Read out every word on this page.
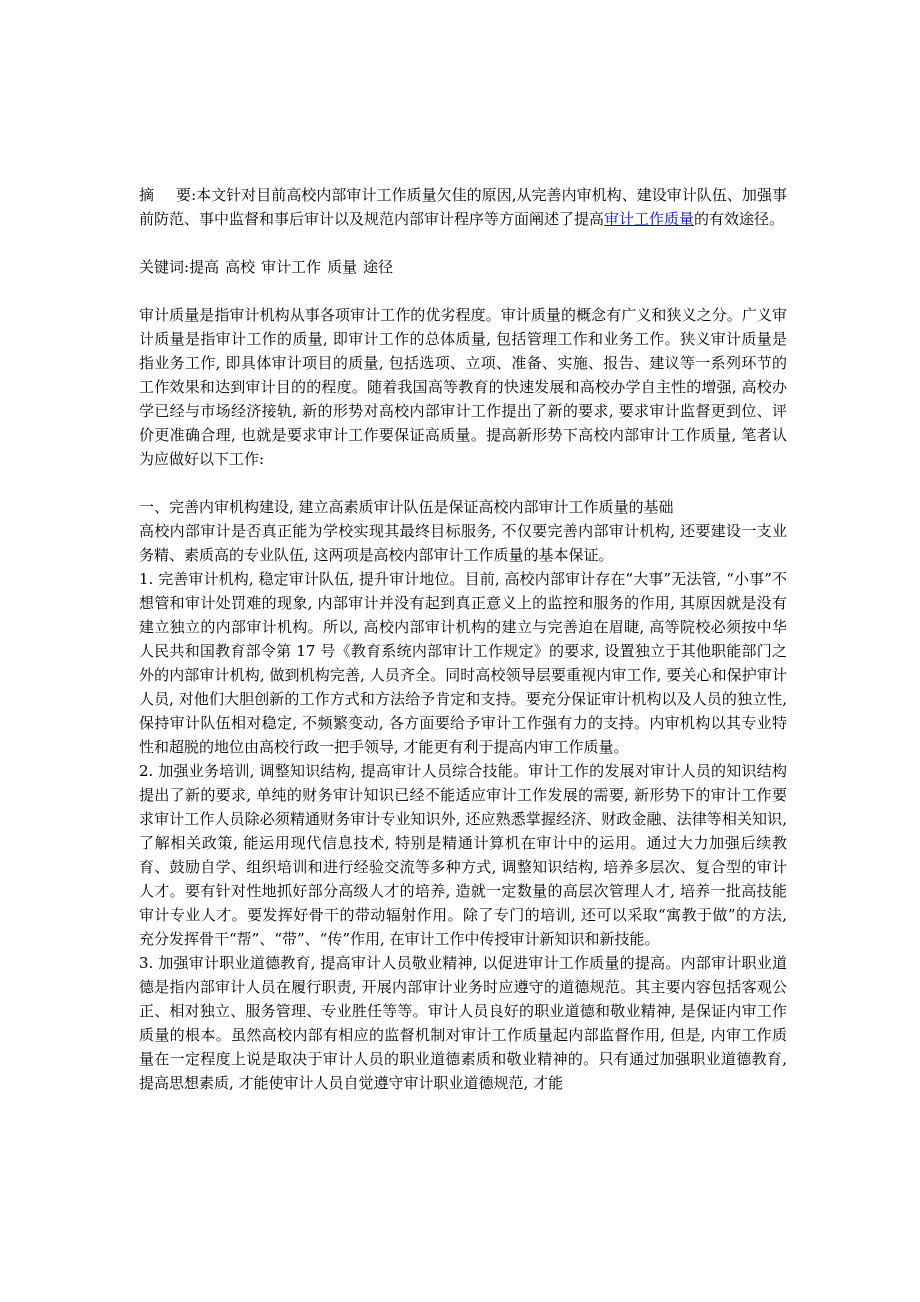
摘 要:本文针对目前高校内部审计工作质量欠佳的原因,从完善内审机构、建设审计队伍、加强事前防范、事中监督和事后审计以及规范内部审计程序等方面阐述了提高审计工作质量的有效途径。

关键词:提高 高校 审计工作 质量 途径

审计质量是指审计机构从事各项审计工作的优劣程度。审计质量的概念有广义和狭义之分。广义审计质量是指审计工作的质量, 即审计工作的总体质量, 包括管理工作和业务工作。狭义审计质量是指业务工作, 即具体审计项目的质量, 包括选项、立项、准备、实施、报告、建议等一系列环节的工作效果和达到审计目的的程度。随着我国高等教育的快速发展和高校办学自主性的增强, 高校办学已经与市场经济接轨, 新的形势对高校内部审计工作提出了新的要求, 要求审计监督更到位、评价更准确合理, 也就是要求审计工作要保证高质量。提高新形势下高校内部审计工作质量, 笔者认为应做好以下工作:

一、完善内审机构建设, 建立高素质审计队伍是保证高校内部审计工作质量的基础

高校内部审计是否真正能为学校实现其最终目标服务, 不仅要完善内部审计机构, 还要建设一支业务精、素质高的专业队伍, 这两项是高校内部审计工作质量的基本保证。

1. 完善审计机构, 稳定审计队伍, 提升审计地位。目前, 高校内部审计存在“大事”无法管, “小事”不想管和审计处罚难的现象, 内部审计并没有起到真正意义上的监控和服务的作用, 其原因就是没有建立独立的内部审计机构。所以, 高校内部审计机构的建立与完善迫在眉睫, 高等院校必须按中华人民共和国教育部令第 17 号《教育系统内部审计工作规定》的要求, 设置独立于其他职能部门之外的内部审计机构, 做到机构完善, 人员齐全。同时高校领导层要重视内审工作, 要关心和保护审计人员, 对他们大胆创新的工作方式和方法给予肯定和支持。要充分保证审计机构以及人员的独立性, 保持审计队伍相对稳定, 不频繁变动, 各方面要给予审计工作强有力的支持。内审机构以其专业特性和超脱的地位由高校行政一把手领导, 才能更有利于提高内审工作质量。

2. 加强业务培训, 调整知识结构, 提高审计人员综合技能。审计工作的发展对审计人员的知识结构提出了新的要求, 单纯的财务审计知识已经不能适应审计工作发展的需要, 新形势下的审计工作要求审计工作人员除必须精通财务审计专业知识外, 还应熟悉掌握经济、财政金融、法律等相关知识, 了解相关政策, 能运用现代信息技术, 特别是精通计算机在审计中的运用。通过大力加强后续教育、鼓励自学、组织培训和进行经验交流等多种方式, 调整知识结构, 培养多层次、复合型的审计人才。要有针对性地抓好部分高级人才的培养, 造就一定数量的高层次管理人才, 培养一批高技能审计专业人才。要发挥好骨干的带动辐射作用。除了专门的培训, 还可以采取“寓教于做”的方法, 充分发挥骨干“帮”、“带”、“传”作用, 在审计工作中传授审计新知识和新技能。

3. 加强审计职业道德教育, 提高审计人员敬业精神, 以促进审计工作质量的提高。内部审计职业道德是指内部审计人员在履行职责, 开展内部审计业务时应遵守的道德规范。其主要内容包括客观公正、相对独立、服务管理、专业胜任等等。审计人员良好的职业道德和敬业精神, 是保证内审工作质量的根本。虽然高校内部有相应的监督机制对审计工作质量起内部监督作用, 但是, 内审工作质量在一定程度上说是取决于审计人员的职业道德素质和敬业精神的。只有通过加强职业道德教育, 提高思想素质, 才能使审计人员自觉遵守审计职业道德规范, 才能
